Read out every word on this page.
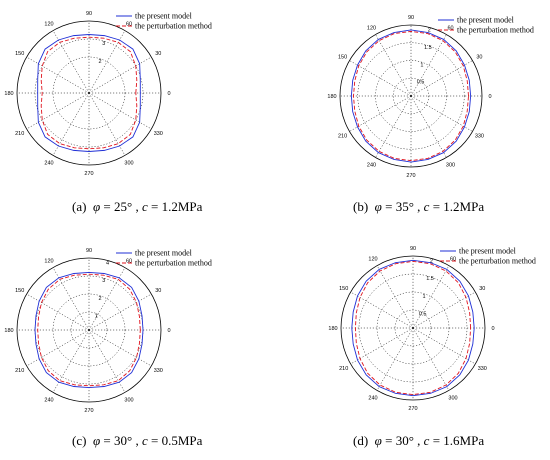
0
30
60
90
120
150
180
210
240
270
300
330
3
2
the present model
the perturbation method
0
30
60
90
120
150
180
210
240
270
300
330
2
1.5
1
0.5
the present model
the perturbation method
0
30
60
90
120
150
180
210
240
270
300
330
4
3
2
1
the present model
the perturbation method
0
30
60
90
120
150
180
210
240
270
300
330
2
1.5
1
0.5
the present model
the perturbation method
(a)  φ = 25° , c = 1.2MPa	(b)  φ = 35° , c = 1.2MPa
(c)  φ = 30° , c = 0.5MPa	(d)  φ = 30° , c = 1.6MPa
